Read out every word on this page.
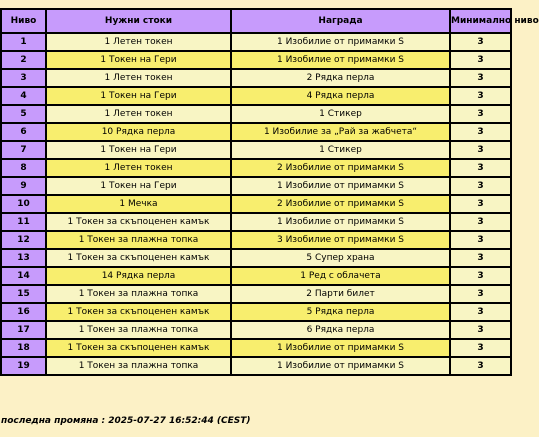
Ниво	Нужни стоки	Награда	Минимално ниво
1	1 Летен токен	1 Изобилие от примамки S	3
2	1 Токен на Гери	1 Изобилие от примамки S	3
3	1 Летен токен	2 Рядка перла	3
4	1 Токен на Гери	4 Рядка перла	3
5	1 Летен токен	1 Стикер	3
6	10 Рядка перла	1 Изобилие за „Рай за жабчета“	3
7	1 Токен на Гери	1 Стикер	3
8	1 Летен токен	2 Изобилие от примамки S	3
9	1 Токен на Гери	1 Изобилие от примамки S	3
10	1 Мечка	2 Изобилие от примамки S	3
11	1 Токен за скъпоценен камък	1 Изобилие от примамки S	3
12	1 Токен за плажна топка	3 Изобилие от примамки S	3
13	1 Токен за скъпоценен камък	5 Супер храна	3
14	14 Рядка перла	1 Ред с облачета	3
15	1 Токен за плажна топка	2 Парти билет	3
16	1 Токен за скъпоценен камък	5 Рядка перла	3
17	1 Токен за плажна топка	6 Рядка перла	3
18	1 Токен за скъпоценен камък	1 Изобилие от примамки S	3
19	1 Токен за плажна топка	1 Изобилие от примамки S	3
последна промяна : 2025-07-27 16:52:44 (CEST)
